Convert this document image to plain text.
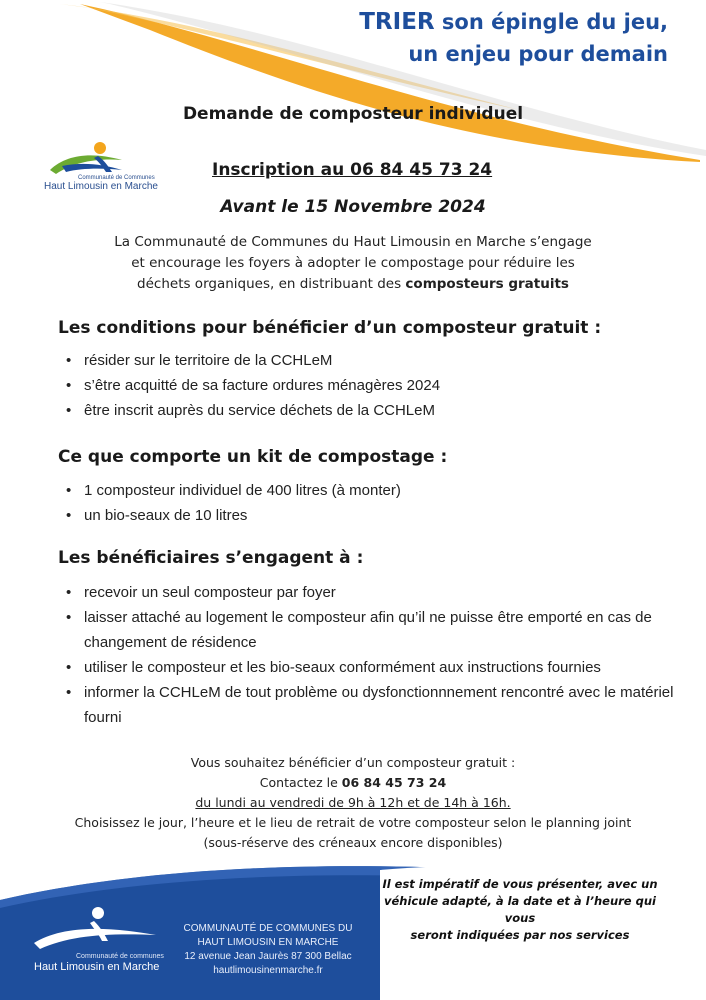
TRIER son épingle du jeu,
un enjeu pour demain
Demande de composteur individuel
Communauté de Communes
Haut Limousin en Marche
Inscription au 06 84 45 73 24
Avant le 15 Novembre 2024
La Communauté de Communes du Haut Limousin en Marche s’engage
et encourage les foyers à adopter le compostage pour réduire les
déchets organiques, en distribuant des composteurs gratuits
Les conditions pour bénéficier d’un composteur gratuit :
• résider sur le territoire de la CCHLeM
• s’être acquitté de sa facture ordures ménagères 2024
• être inscrit auprès du service déchets de la CCHLeM
Ce que comporte un kit de compostage :
• 1 composteur individuel de 400 litres (à monter)
• un bio-seaux de 10 litres
Les bénéficiaires s’engagent à :
• recevoir un seul composteur par foyer
• laisser attaché au logement le composteur afin qu’il ne puisse être emporté en cas de changement de résidence
• utiliser le composteur et les bio-seaux conformément aux instructions fournies
• informer la CCHLeM de tout problème ou dysfonctionnnement rencontré avec le matériel fourni
Vous souhaitez bénéficier d’un composteur gratuit :
Contactez le 06 84 45 73 24
du lundi au vendredi de 9h à 12h et de 14h à 16h.
Choisissez le jour, l’heure et le lieu de retrait de votre composteur selon le planning joint
(sous-réserve des créneaux encore disponibles)
Il est impératif de vous présenter, avec un
véhicule adapté, à la date et à l’heure qui vous
seront indiquées par nos services
COMMUNAUTÉ DE COMMUNES DU
HAUT LIMOUSIN EN MARCHE
12 avenue Jean Jaurès 87 300 Bellac
hautlimousinenmarche.fr
Communauté de communes
Haut Limousin en Marche
